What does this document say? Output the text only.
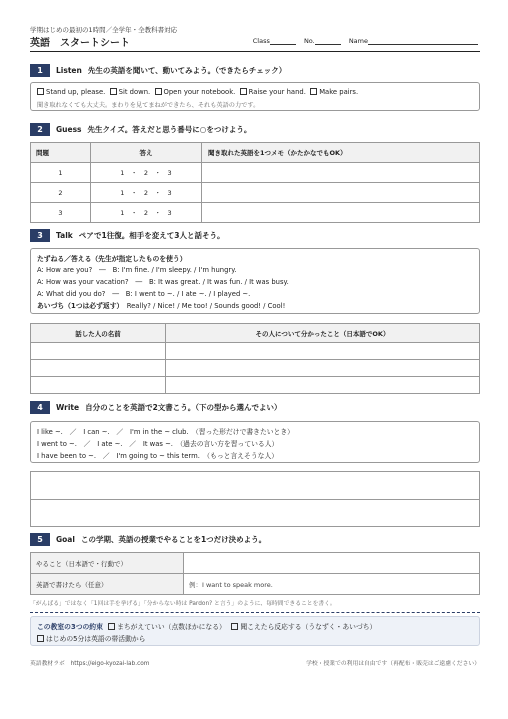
学期はじめの最初の1時間／全学年・全教科書対応
英語　スタートシート	Class	No.	Name
1	Listen 先生の英語を聞いて、動いてみよう。（できたらチェック）
Stand up, please. Sit down. Open your notebook. Raise your hand. Make pairs.
聞き取れなくても大丈夫。まわりを見てまねができたら、それも英語の力です。
2	Guess 先生クイズ。答えだと思う番号に○をつけよう。
問題	答え	聞き取れた英語を1つメモ（かたかなでもOK）
1	1　・　2　・　3	
2	1　・　2　・　3	
3	1　・　2　・　3	
3	Talk ペアで1往復。相手を変えて3人と話そう。
たずねる／答える（先生が指定したものを使う）
A: How are you?　―　B: I'm fine. / I'm sleepy. / I'm hungry.
A: How was your vacation?　―　B: It was great. / It was fun. / It was busy.
A: What did you do?　―　B: I went to ~. / I ate ~. / I played ~.
あいづち（1つは必ず返す）　 Really? / Nice! / Me too! / Sounds good! / Cool!
話した人の名前	その人について分かったこと（日本語でOK）

4	Write 自分のことを英語で2文書こう。（下の型から選んでよい）
I like ~.　／　I can ~.　／　I'm in the ~ club.　（習った形だけで書きたいとき）
I went to ~.　／　I ate ~.　／　It was ~.　（過去の言い方を習っている人）
I have been to ~.　／　I'm going to ~ this term.　（もっと言えそうな人）
5	Goal この学期、英語の授業でやることを1つだけ決めよう。
やること（日本語で・行動で）	
英語で書けたら（任意）	例：I want to speak more.
「がんばる」ではなく「1回は手を挙げる」「分からない時は Pardon? と言う」のように、毎時間できることを書く。
この教室の3つの約束 まちがえていい（点数ほかになる）　	聞こえたら反応する（うなずく・あいづち）
はじめの5分は英語の帯活動から
英語教材ラボ　https://eigo-kyozai-lab.com	学校・授業での利用は自由です（再配布・販売はご遠慮ください）
